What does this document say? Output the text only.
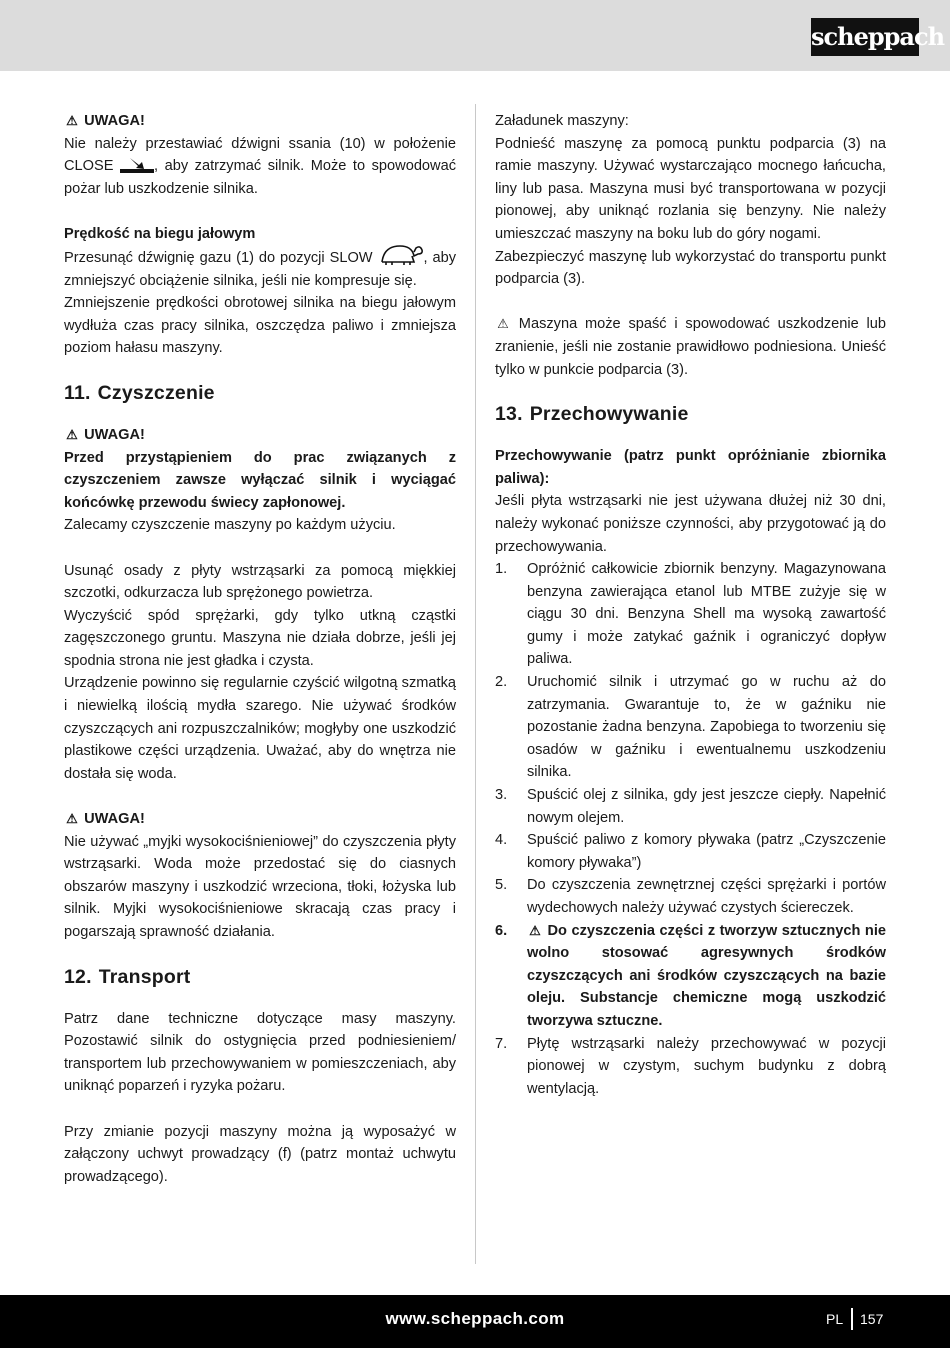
scheppach
⚠ UWAGA!
Nie należy przestawiać dźwigni ssania (10) w położenie CLOSE , aby zatrzymać silnik. Może to spowodować pożar lub uszkodzenie silnika.
Prędkość na biegu jałowym
Przesunąć dźwignię gazu (1) do pozycji SLOW	, aby zmniejszyć obciążenie silnika, jeśli nie kompresuje się.
Zmniejszenie prędkości obrotowej silnika na biegu jałowym wydłuża czas pracy silnika, oszczędza paliwo i zmniejsza poziom hałasu maszyny.
11. Czyszczenie
⚠ UWAGA!
Przed przystąpieniem do prac związanych z czyszczeniem zawsze wyłączać silnik i wyciągać końcówkę przewodu świecy zapłonowej.
Zalecamy czyszczenie maszyny po każdym użyciu.
Usunąć osady z płyty wstrząsarki za pomocą miękkiej szczotki, odkurzacza lub sprężonego powietrza.
Wyczyścić spód sprężarki, gdy tylko utkną cząstki zagęszczonego gruntu. Maszyna nie działa dobrze, jeśli jej spodnia strona nie jest gładka i czysta.
Urządzenie powinno się regularnie czyścić wilgotną szmatką i niewielką ilością mydła szarego. Nie używać środków czyszczących ani rozpuszczalników; mogłyby one uszkodzić plastikowe części urządzenia. Uważać, aby do wnętrza nie dostała się woda.
⚠ UWAGA!
Nie używać „myjki wysokociśnieniowej” do czyszczenia płyty wstrząsarki. Woda może przedostać się do ciasnych obszarów maszyny i uszkodzić wrzeciona, tłoki, łożyska lub silnik. Myjki wysokociśnieniowe skracają czas pracy i pogarszają sprawność działania.
12. Transport
Patrz dane techniczne dotyczące masy maszyny. Pozostawić silnik do ostygnięcia przed podniesieniem/ transportem lub przechowywaniem w pomieszczeniach, aby uniknąć poparzeń i ryzyka pożaru.
Przy zmianie pozycji maszyny można ją wyposażyć w załączony uchwyt prowadzący (f) (patrz montaż uchwytu prowadzącego).
Załadunek maszyny:
Podnieść maszynę za pomocą punktu podparcia (3) na ramie maszyny. Używać wystarczająco mocnego łańcucha, liny lub pasa. Maszyna musi być transportowana w pozycji pionowej, aby uniknąć rozlania się benzyny. Nie należy umieszczać maszyny na boku lub do góry nogami.
Zabezpieczyć maszynę lub wykorzystać do transportu punkt podparcia (3).
⚠ Maszyna może spaść i spowodować uszkodzenie lub zranienie, jeśli nie zostanie prawidłowo podniesiona. Unieść tylko w punkcie podparcia (3).
13. Przechowywanie
Przechowywanie (patrz punkt opróżnianie zbiornika paliwa):
Jeśli płyta wstrząsarki nie jest używana dłużej niż 30 dni, należy wykonać poniższe czynności, aby przygotować ją do przechowywania.
1. Opróżnić całkowicie zbiornik benzyny. Magazynowana benzyna zawierająca etanol lub MTBE zużyje się w ciągu 30 dni. Benzyna Shell ma wysoką zawartość gumy i może zatykać gaźnik i ograniczyć dopływ paliwa.
2. Uruchomić silnik i utrzymać go w ruchu aż do zatrzymania. Gwarantuje to, że w gaźniku nie pozostanie żadna benzyna. Zapobiega to tworzeniu się osadów w gaźniku i ewentualnemu uszkodzeniu silnika.
3. Spuścić olej z silnika, gdy jest jeszcze ciepły. Napełnić nowym olejem.
4. Spuścić paliwo z komory pływaka (patrz „Czyszczenie komory pływaka”)
5. Do czyszczenia zewnętrznej części sprężarki i portów wydechowych należy używać czystych ściereczek.
6. ⚠ Do czyszczenia części z tworzyw sztucznych nie wolno stosować agresywnych środków czyszczących ani środków czyszczących na bazie oleju. Substancje chemiczne mogą uszkodzić tworzywa sztuczne.
7. Płytę wstrząsarki należy przechowywać w pozycji pionowej w czystym, suchym budynku z dobrą wentylacją.
www.scheppach.com	PL 157
